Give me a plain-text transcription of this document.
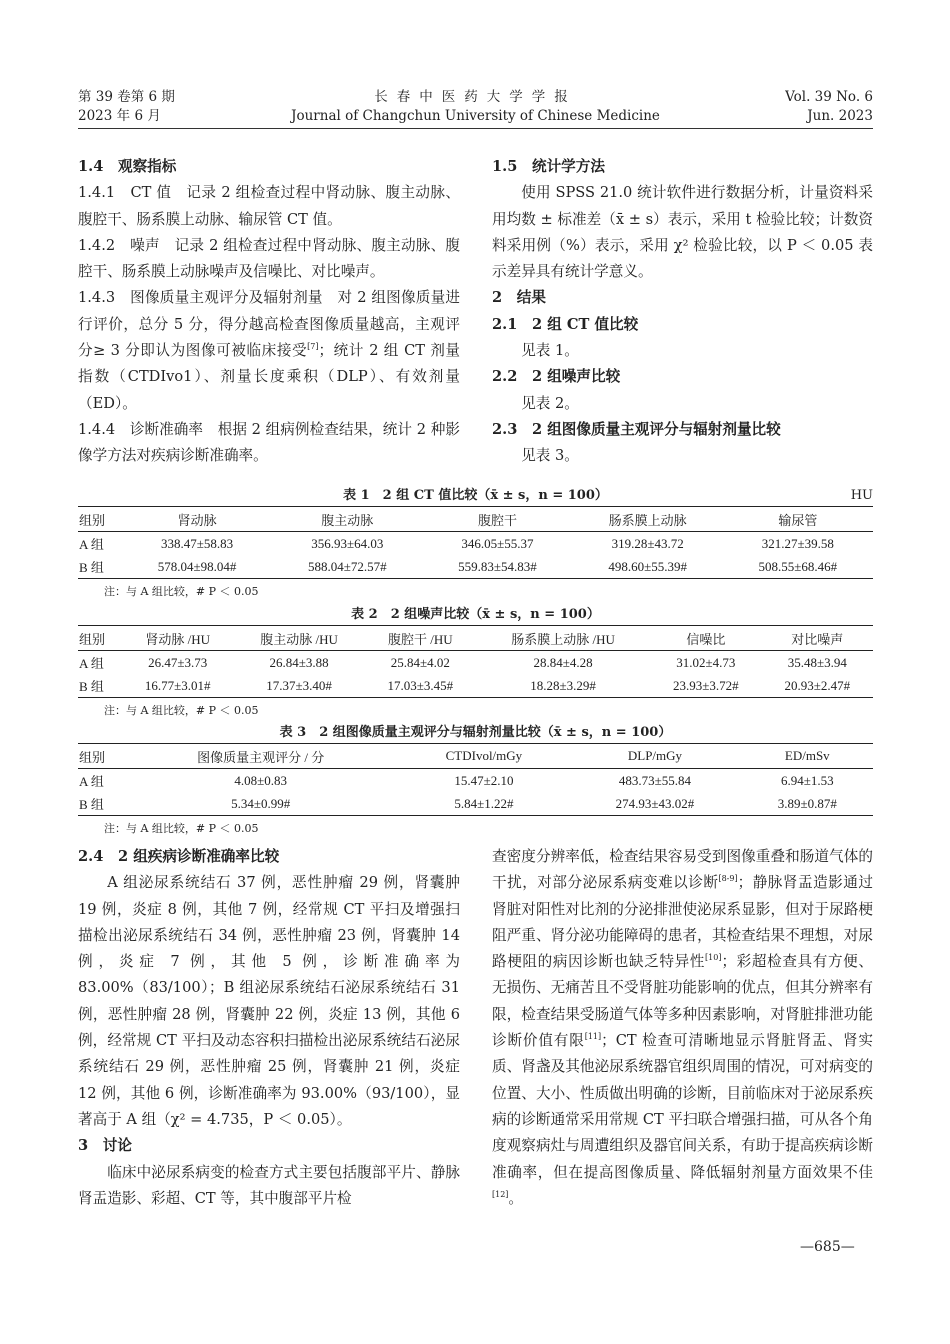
第 39 卷第 6 期
2023 年 6 月
长春中医药大学学报
Journal of Changchun University of Chinese Medicine
Vol. 39 No. 6
Jun. 2023

1.4　观察指标

1.4.1　CT 值　记录 2 组检查过程中肾动脉、腹主动脉、腹腔干、肠系膜上动脉、输尿管 CT 值。

1.4.2　噪声　记录 2 组检查过程中肾动脉、腹主动脉、腹腔干、肠系膜上动脉噪声及信噪比、对比噪声。

1.4.3　图像质量主观评分及辐射剂量　对 2 组图像质量进行评价，总分 5 分，得分越高检查图像质量越高，主观评分≥ 3 分即认为图像可被临床接受[7]；统计 2 组 CT 剂量指数（CTDIvo1）、剂量长度乘积（DLP）、有效剂量（ED）。

1.4.4　诊断准确率　根据 2 组病例检查结果，统计 2 种影像学方法对疾病诊断准确率。

1.5　统计学方法

使用 SPSS 21.0 统计软件进行数据分析，计量资料采用均数 ± 标准差（x̄ ± s）表示，采用 t 检验比较；计数资料采用例（%）表示，采用 χ² 检验比较，以 P ＜ 0.05 表示差异具有统计学意义。

2　结果

2.1　2 组 CT 值比较

见表 1。

2.2　2 组噪声比较

见表 2。

2.3　2 组图像质量主观评分与辐射剂量比较

见表 3。

表 1　2 组 CT 值比较（x̄ ± s，n = 100）	HU
组别	肾动脉	腹主动脉	腹腔干	肠系膜上动脉	输尿管
A 组	338.47±58.83	356.93±64.03	346.05±55.37	319.28±43.72	321.27±39.58
B 组	578.04±98.04#	588.04±72.57#	559.83±54.83#	498.60±55.39#	508.55±68.46#
注：与 A 组比较，# P ＜ 0.05
表 2　2 组噪声比较（x̄ ± s，n = 100）
组别	肾动脉 /HU	腹主动脉 /HU	腹腔干 /HU	肠系膜上动脉 /HU	信噪比	对比噪声
A 组	26.47±3.73	26.84±3.88	25.84±4.02	28.84±4.28	31.02±4.73	35.48±3.94
B 组	16.77±3.01#	17.37±3.40#	17.03±3.45#	18.28±3.29#	23.93±3.72#	20.93±2.47#
注：与 A 组比较，# P ＜ 0.05
表 3　2 组图像质量主观评分与辐射剂量比较（x̄ ± s，n = 100）
组别	图像质量主观评分 / 分	CTDIvol/mGy	DLP/mGy	ED/mSv
A 组	4.08±0.83	15.47±2.10	483.73±55.84	6.94±1.53
B 组	5.34±0.99#	5.84±1.22#	274.93±43.02#	3.89±0.87#
注：与 A 组比较，# P ＜ 0.05

2.4　2 组疾病诊断准确率比较

A 组泌尿系统结石 37 例，恶性肿瘤 29 例，肾囊肿 19 例，炎症 8 例，其他 7 例，经常规 CT 平扫及增强扫描检出泌尿系统结石 34 例，恶性肿瘤 23 例，肾囊肿 14 例，炎症 7 例，其他 5 例，诊断准确率为 83.00%（83/100）；B 组泌尿系统结石泌尿系统结石 31 例，恶性肿瘤 28 例，肾囊肿 22 例，炎症 13 例，其他 6 例，经常规 CT 平扫及动态容积扫描检出泌尿系统结石泌尿系统结石 29 例，恶性肿瘤 25 例，肾囊肿 21 例，炎症 12 例，其他 6 例，诊断准确率为 93.00%（93/100），显著高于 A 组（χ² = 4.735，P ＜ 0.05）。

3　讨论

临床中泌尿系病变的检查方式主要包括腹部平片、静脉肾盂造影、彩超、CT 等，其中腹部平片检

查密度分辨率低，检查结果容易受到图像重叠和肠道气体的干扰，对部分泌尿系病变难以诊断[8-9]；静脉肾盂造影通过肾脏对阳性对比剂的分泌排泄使泌尿系显影，但对于尿路梗阻严重、肾分泌功能障碍的患者，其检查结果不理想，对尿路梗阻的病因诊断也缺乏特异性[10]；彩超检查具有方便、无损伤、无痛苦且不受肾脏功能影响的优点，但其分辨率有限，检查结果受肠道气体等多种因素影响，对肾脏排泄功能诊断价值有限[11]；CT 检查可清晰地显示肾脏肾盂、肾实质、肾盏及其他泌尿系统器官组织周围的情况，可对病变的位置、大小、性质做出明确的诊断，目前临床对于泌尿系疾病的诊断通常采用常规 CT 平扫联合增强扫描，可从各个角度观察病灶与周遭组织及器官间关系，有助于提高疾病诊断准确率，但在提高图像质量、降低辐射剂量方面效果不佳[12]。

—685—
